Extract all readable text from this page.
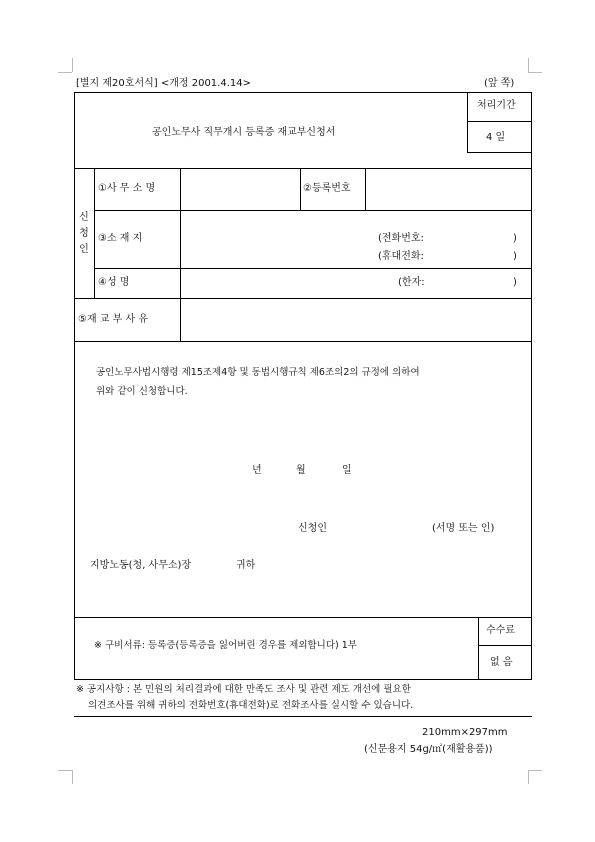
[별지 제20호서식] <개정 2001.4.14>	(앞 쪽)
공인노무사 직무개시 등록증 재교부신청서
처리기간
4 일
신
청
인
①사 무 소 명	②등록번호
③소 재 지	(전화번호:	)
(휴대전화:	)
④성 명	(한자:	)
⑤재 교 부 사 유
공인노무사법시행령 제15조제4항 및 동법시행규칙 제6조의2의 규정에 의하여
위와 같이 신청합니다.
년	월	일
신청인	(서명 또는 인)
지방노동(청, 사무소)장	귀하
※ 구비서류: 등록증(등록증을 잃어버린 경우를 제외합니다) 1부
수수료
없 음
※ 공지사항 : 본 민원의 처리결과에 대한 만족도 조사 및 관련 제도 개선에 필요한
의견조사를 위해 귀하의 전화번호(휴대전화)로 전화조사를 실시할 수 있습니다.
210mm×297mm
(신문용지 54g/㎡(재활용품))
